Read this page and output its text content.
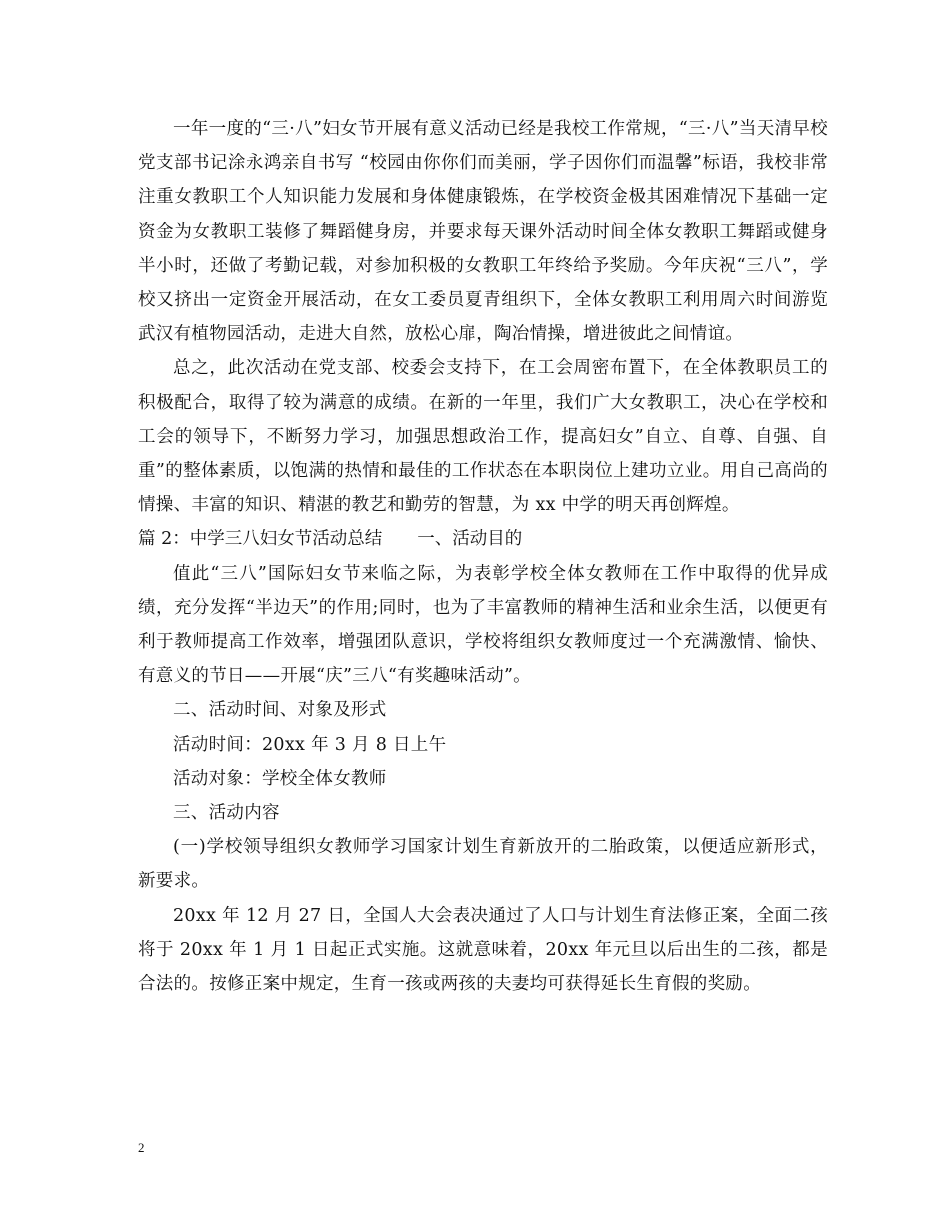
一年一度的“三·八”妇女节开展有意义活动已经是我校工作常规，“三·八”当天清早校党支部书记涂永鸿亲自书写 “校园由你你们而美丽，学子因你们而温馨”标语，我校非常注重女教职工个人知识能力发展和身体健康锻炼，在学校资金极其困难情况下基础一定资金为女教职工装修了舞蹈健身房，并要求每天课外活动时间全体女教职工舞蹈或健身半小时，还做了考勤记载，对参加积极的女教职工年终给予奖励。今年庆祝“三八”，学校又挤出一定资金开展活动，在女工委员夏青组织下，全体女教职工利用周六时间游览武汉有植物园活动，走进大自然，放松心扉，陶冶情操，增进彼此之间情谊。

总之，此次活动在党支部、校委会支持下，在工会周密布置下，在全体教职员工的积极配合，取得了较为满意的成绩。在新的一年里，我们广大女教职工，决心在学校和工会的领导下，不断努力学习，加强思想政治工作，提高妇女”自立、自尊、自强、自重”的整体素质，以饱满的热情和最佳的工作状态在本职岗位上建功立业。用自己高尚的情操、丰富的知识、精湛的教艺和勤劳的智慧，为 xx 中学的明天再创辉煌。

篇 2：中学三八妇女节活动总结　　一、活动目的

值此“三八”国际妇女节来临之际，为表彰学校全体女教师在工作中取得的优异成绩，充分发挥“半边天”的作用;同时，也为了丰富教师的精神生活和业余生活，以便更有利于教师提高工作效率，增强团队意识，学校将组织女教师度过一个充满激情、愉快、有意义的节日——开展“庆”三八“有奖趣味活动”。

二、活动时间、对象及形式

活动时间：20xx 年 3 月 8 日上午

活动对象：学校全体女教师

三、活动内容

(一)学校领导组织女教师学习国家计划生育新放开的二胎政策，以便适应新形式，新要求。

20xx 年 12 月 27 日，全国人大会表决通过了人口与计划生育法修正案，全面二孩将于 20xx 年 1 月 1 日起正式实施。这就意味着，20xx 年元旦以后出生的二孩，都是合法的。按修正案中规定，生育一孩或两孩的夫妻均可获得延长生育假的奖励。

2
